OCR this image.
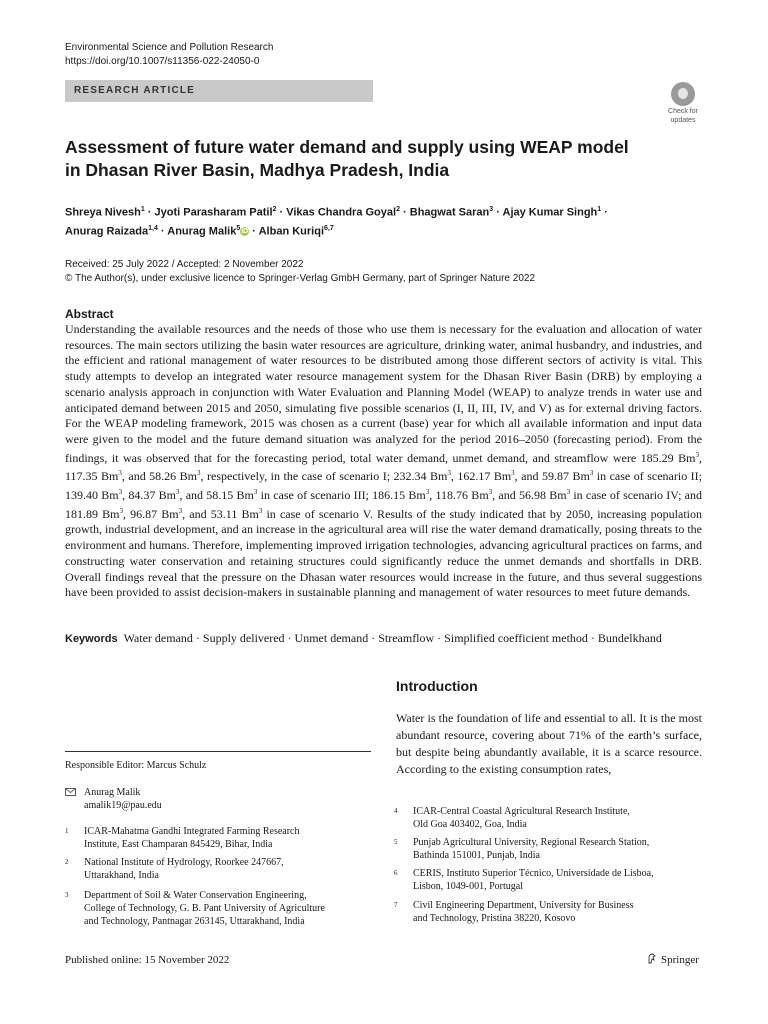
Environmental Science and Pollution Research
https://doi.org/10.1007/s11356-022-24050-0
RESEARCH ARTICLE
Check for
updates
Assessment of future water demand and supply using WEAP model
in Dhasan River Basin, Madhya Pradesh, India
Shreya Nivesh$^1$ · Jyoti Parasharam Patil$^2$ · Vikas Chandra Goyal$^2$ · Bhagwat Saran$^3$ · Ajay Kumar Singh$^1$ ·
Anurag Raizada$^{1,4}$ · Anurag Malik$^5$iD · Alban Kuriqi$^{6,7}$
Received: 25 July 2022 / Accepted: 2 November 2022
© The Author(s), under exclusive licence to Springer-Verlag GmbH Germany, part of Springer Nature 2022
Abstract
Understanding the available resources and the needs of those who use them is necessary for the evaluation and allocation of water resources. The main sectors utilizing the basin water resources are agriculture, drinking water, animal husbandry, and industries, and the efficient and rational management of water resources to be distributed among those different sectors of activity is vital. This study attempts to develop an integrated water resource management system for the Dhasan River Basin (DRB) by employing a scenario analysis approach in conjunction with Water Evaluation and Planning Model (WEAP) to analyze trends in water use and anticipated demand between 2015 and 2050, simulating five possible scenarios (I, II, III, IV, and V) as for external driving factors. For the WEAP modeling framework, 2015 was chosen as a current (base) year for which all available information and input data were given to the model and the future demand situation was analyzed for the period 2016–2050 (forecasting period). From the findings, it was observed that for the forecasting period, total water demand, unmet demand, and streamflow were 185.29 Bm$^3$, 117.35 Bm$^3$, and 58.26 Bm$^3$, respectively, in the case of scenario I; 232.34 Bm$^3$, 162.17 Bm$^3$, and 59.87 Bm$^3$ in case of scenario II; 139.40 Bm$^3$, 84.37 Bm$^3$, and 58.15 Bm$^3$ in case of scenario III; 186.15 Bm$^3$, 118.76 Bm$^3$, and 56.98 Bm$^3$ in case of scenario IV; and 181.89 Bm$^3$, 96.87 Bm$^3$, and 53.11 Bm$^3$ in case of scenario V. Results of the study indicated that by 2050, increasing population growth, industrial development, and an increase in the agricultural area will rise the water demand dramatically, posing threats to the environment and humans. Therefore, implementing improved irrigation technologies, advancing agricultural practices on farms, and constructing water conservation and retaining structures could significantly reduce the unmet demands and shortfalls in DRB. Overall findings reveal that the pressure on the Dhasan water resources would increase in the future, and thus several suggestions have been provided to assist decision-makers in sustainable planning and management of water resources to meet future demands.
Keywords Water demand · Supply delivered · Unmet demand · Streamflow · Simplified coefficient method · Bundelkhand
Introduction
Water is the foundation of life and essential to all. It is the most abundant resource, covering about 71% of the earth’s surface, but despite being abundantly available, it is a scarce resource. According to the existing consumption rates,
Responsible Editor: Marcus Schulz
Anurag Malik
amalik19@pau.edu
1 ICAR-Mahatma Gandhi Integrated Farming Research
Institute, East Champaran 845429, Bihar, India
2 National Institute of Hydrology, Roorkee 247667,
Uttarakhand, India
3 Department of Soil & Water Conservation Engineering,
College of Technology, G. B. Pant University of Agriculture
and Technology, Pantnagar 263145, Uttarakhand, India
4 ICAR-Central Coastal Agricultural Research Institute,
Old Goa 403402, Goa, India
5 Punjab Agricultural University, Regional Research Station,
Bathinda 151001, Punjab, India
6 CERIS, Instituto Superior Técnico, Universidade de Lisboa,
Lisbon, 1049-001, Portugal
7 Civil Engineering Department, University for Business
and Technology, Pristina 38220, Kosovo
Published online: 15 November 2022	Springer
